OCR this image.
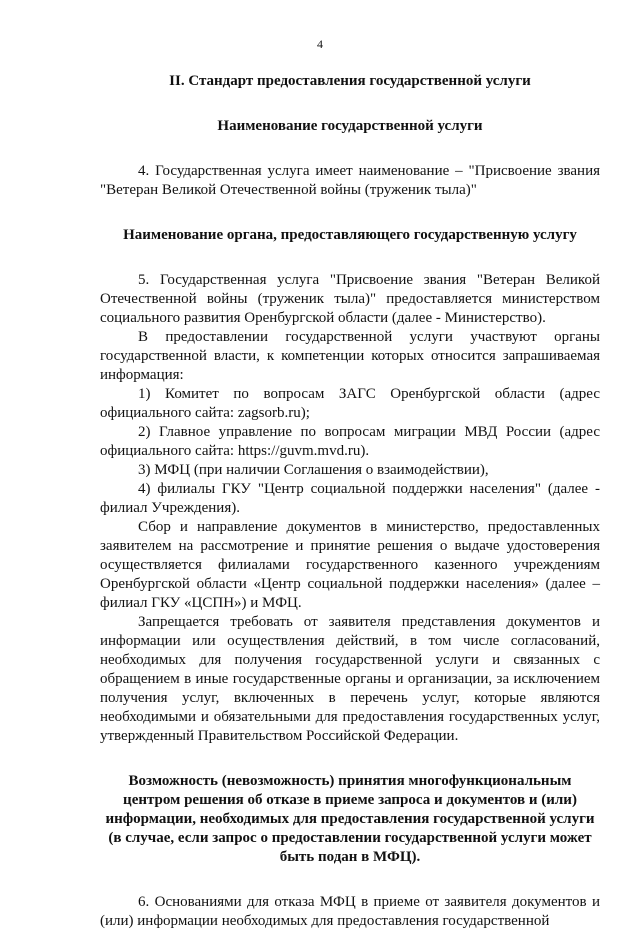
4

II. Стандарт предоставления государственной услуги

Наименование государственной услуги

4. Государственная услуга имеет наименование – "Присвоение звания "Ветеран Великой Отечественной войны (труженик тыла)"

Наименование органа, предоставляющего государственную услугу

5. Государственная услуга "Присвоение звания "Ветеран Великой Отечественной войны (труженик тыла)" предоставляется министерством социального развития Оренбургской области (далее - Министерство).

В предоставлении государственной услуги участвуют органы государственной власти, к компетенции которых относится запрашиваемая информация:

1) Комитет по вопросам ЗАГС Оренбургской области (адрес официального сайта: zagsorb.ru);

2) Главное управление по вопросам миграции МВД России (адрес официального сайта: https://guvm.mvd.ru).

3) МФЦ (при наличии Соглашения о взаимодействии),

4) филиалы ГКУ "Центр социальной поддержки населения" (далее - филиал Учреждения).

Сбор и направление документов в министерство, предоставленных заявителем на рассмотрение и принятие решения о выдаче удостоверения осуществляется филиалами государственного казенного учреждениям Оренбургской области «Центр социальной поддержки населения» (далее – филиал ГКУ «ЦСПН») и МФЦ.

Запрещается требовать от заявителя представления документов и информации или осуществления действий, в том числе согласований, необходимых для получения государственной услуги и связанных с обращением в иные государственные органы и организации, за исключением получения услуг, включенных в перечень услуг, которые являются необходимыми и обязательными для предоставления государственных услуг, утвержденный Правительством Российской Федерации.

Возможность (невозможность) принятия многофункциональным центром решения об отказе в приеме запроса и документов и (или) информации, необходимых для предоставления государственной услуги (в случае, если запрос о предоставлении государственной услуги может быть подан в МФЦ).

6. Основаниями для отказа МФЦ в приеме от заявителя документов и (или) информации необходимых для предоставления государственной
